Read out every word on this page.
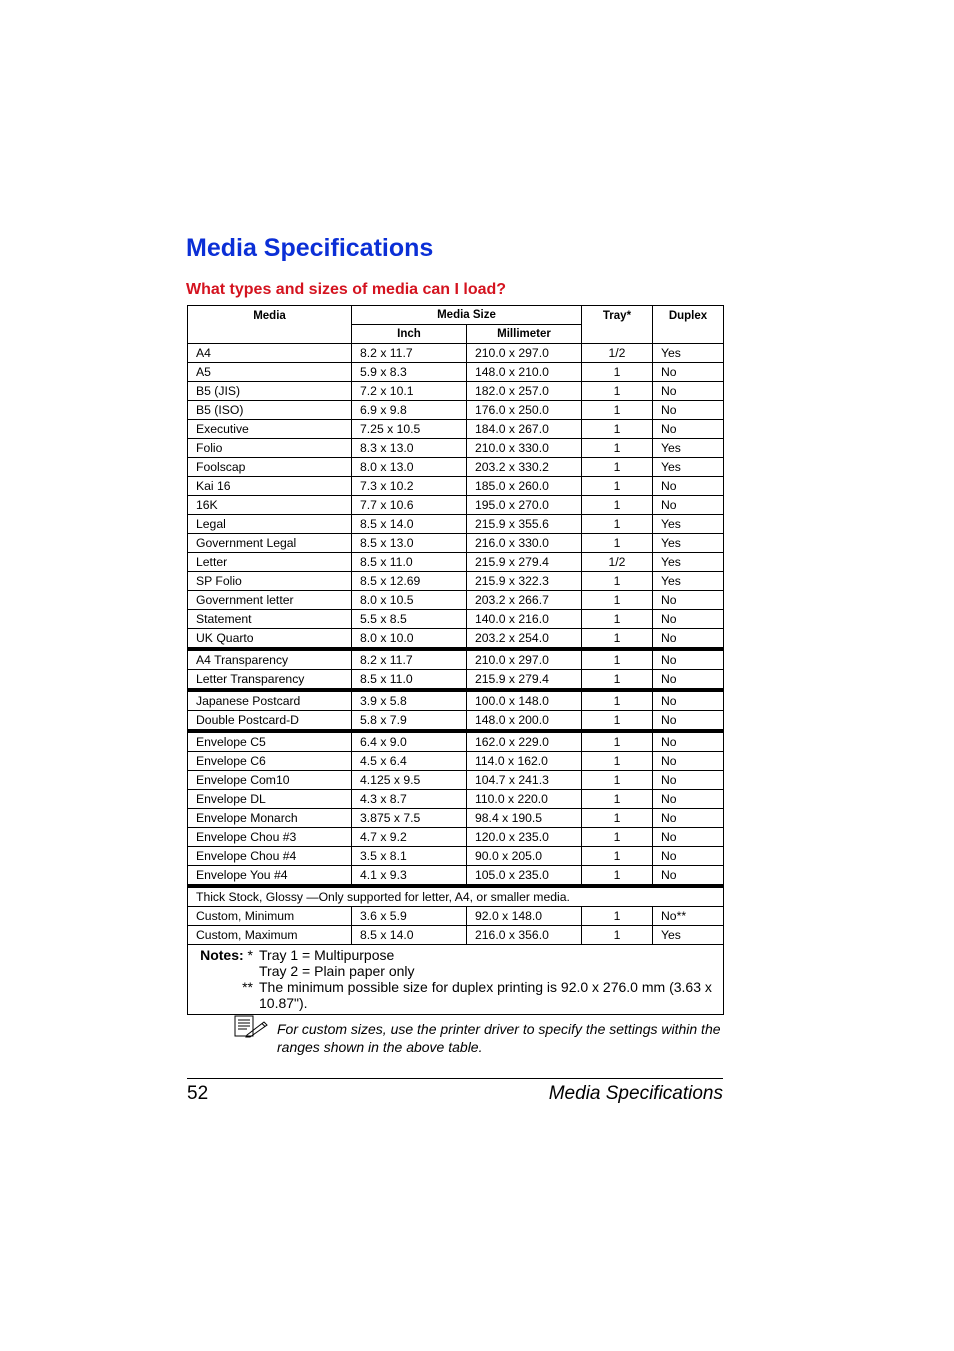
Media Specifications
What types and sizes of media can I load?
Media	Media Size		Tray*	Duplex
	Inch	Millimeter		
A4	8.2 x 11.7	210.0 x 297.0	1/2	Yes
A5	5.9 x 8.3	148.0 x 210.0	1	No
B5 (JIS)	7.2 x 10.1	182.0 x 257.0	1	No
B5 (ISO)	6.9 x 9.8	176.0 x 250.0	1	No
Executive	7.25 x 10.5	184.0 x 267.0	1	No
Folio	8.3 x 13.0	210.0 x 330.0	1	Yes
Foolscap	8.0 x 13.0	203.2 x 330.2	1	Yes
Kai 16	7.3 x 10.2	185.0 x 260.0	1	No
16K	7.7 x 10.6	195.0 x 270.0	1	No
Legal	8.5 x 14.0	215.9 x 355.6	1	Yes
Government Legal	8.5 x 13.0	216.0 x 330.0	1	Yes
Letter	8.5 x 11.0	215.9 x 279.4	1/2	Yes
SP Folio	8.5 x 12.69	215.9 x 322.3	1	Yes
Government letter	8.0 x 10.5	203.2 x 266.7	1	No
Statement	5.5 x 8.5	140.0 x 216.0	1	No
UK Quarto	8.0 x 10.0	203.2 x 254.0	1	No
A4 Transparency	8.2 x 11.7	210.0 x 297.0	1	No
Letter Transparency	8.5 x 11.0	215.9 x 279.4	1	No
Japanese Postcard	3.9 x 5.8	100.0 x 148.0	1	No
Double Postcard-D	5.8 x 7.9	148.0 x 200.0	1	No
Envelope C5	6.4 x 9.0	162.0 x 229.0	1	No
Envelope C6	4.5 x 6.4	114.0 x 162.0	1	No
Envelope Com10	4.125 x 9.5	104.7 x 241.3	1	No
Envelope DL	4.3 x 8.7	110.0 x 220.0	1	No
Envelope Monarch	3.875 x 7.5	98.4 x 190.5	1	No
Envelope Chou #3	4.7 x 9.2	120.0 x 235.0	1	No
Envelope Chou #4	3.5 x 8.1	90.0 x 205.0	1	No
Envelope You #4	4.1 x 9.3	105.0 x 235.0	1	No
Thick Stock, Glossy —Only supported for letter, A4, or smaller media.				
Custom, Minimum	3.6 x 5.9	92.0 x 148.0	1	No**
Custom, Maximum	8.5 x 14.0	216.0 x 356.0	1	Yes

Notes: * Tray 1 = Multipurpose
Tray 2 = Plain paper only
** The minimum possible size for duplex printing is 92.0 x 276.0 mm (3.63 x 10.87").				
For custom sizes, use the printer driver to specify the settings within the ranges shown in the above table.
52	Media Specifications
